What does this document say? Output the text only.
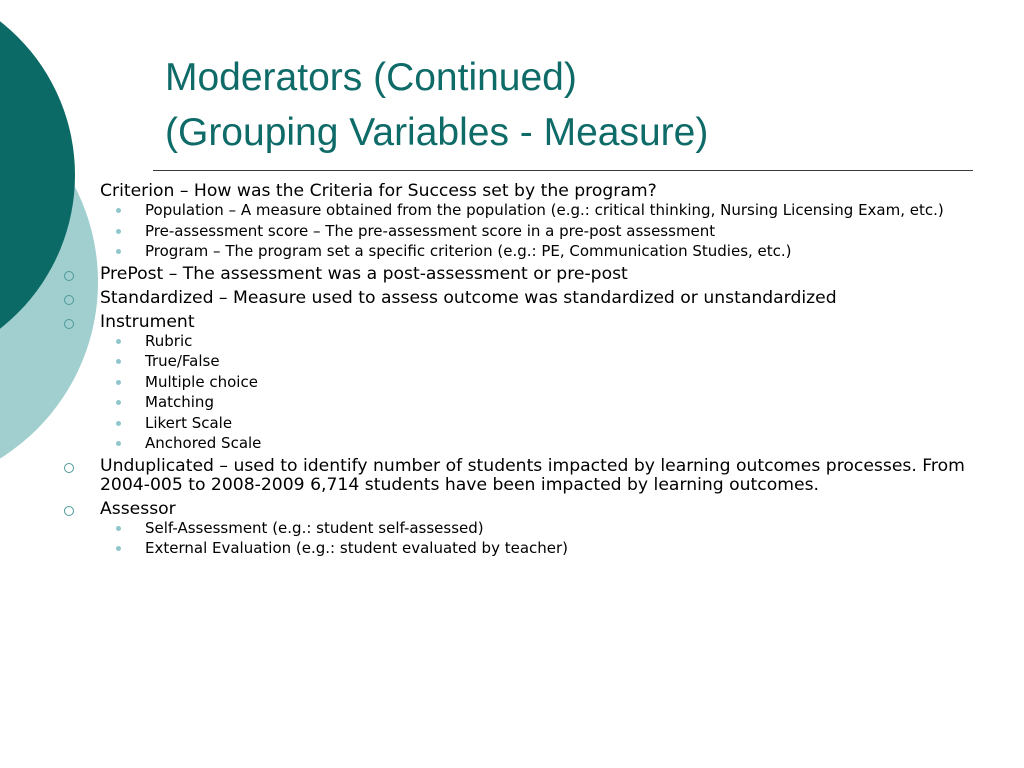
Moderators (Continued)
(Grouping Variables - Measure)
Criterion – How was the Criteria for Success set by the program?
Population – A measure obtained from the population (e.g.: critical thinking, Nursing Licensing Exam, etc.)
Pre-assessment score – The pre-assessment score in a pre-post assessment
Program – The program set a specific criterion (e.g.: PE, Communication Studies, etc.)
PrePost – The assessment was a post-assessment or pre-post
Standardized – Measure used to assess outcome was standardized or unstandardized
Instrument
Rubric
True/False
Multiple choice
Matching
Likert Scale
Anchored Scale
Unduplicated – used to identify number of students impacted by learning outcomes processes. From 2004-005 to 2008-2009 6,714 students have been impacted by learning outcomes.
Assessor
Self-Assessment (e.g.: student self-assessed)
External Evaluation (e.g.: student evaluated by teacher)
